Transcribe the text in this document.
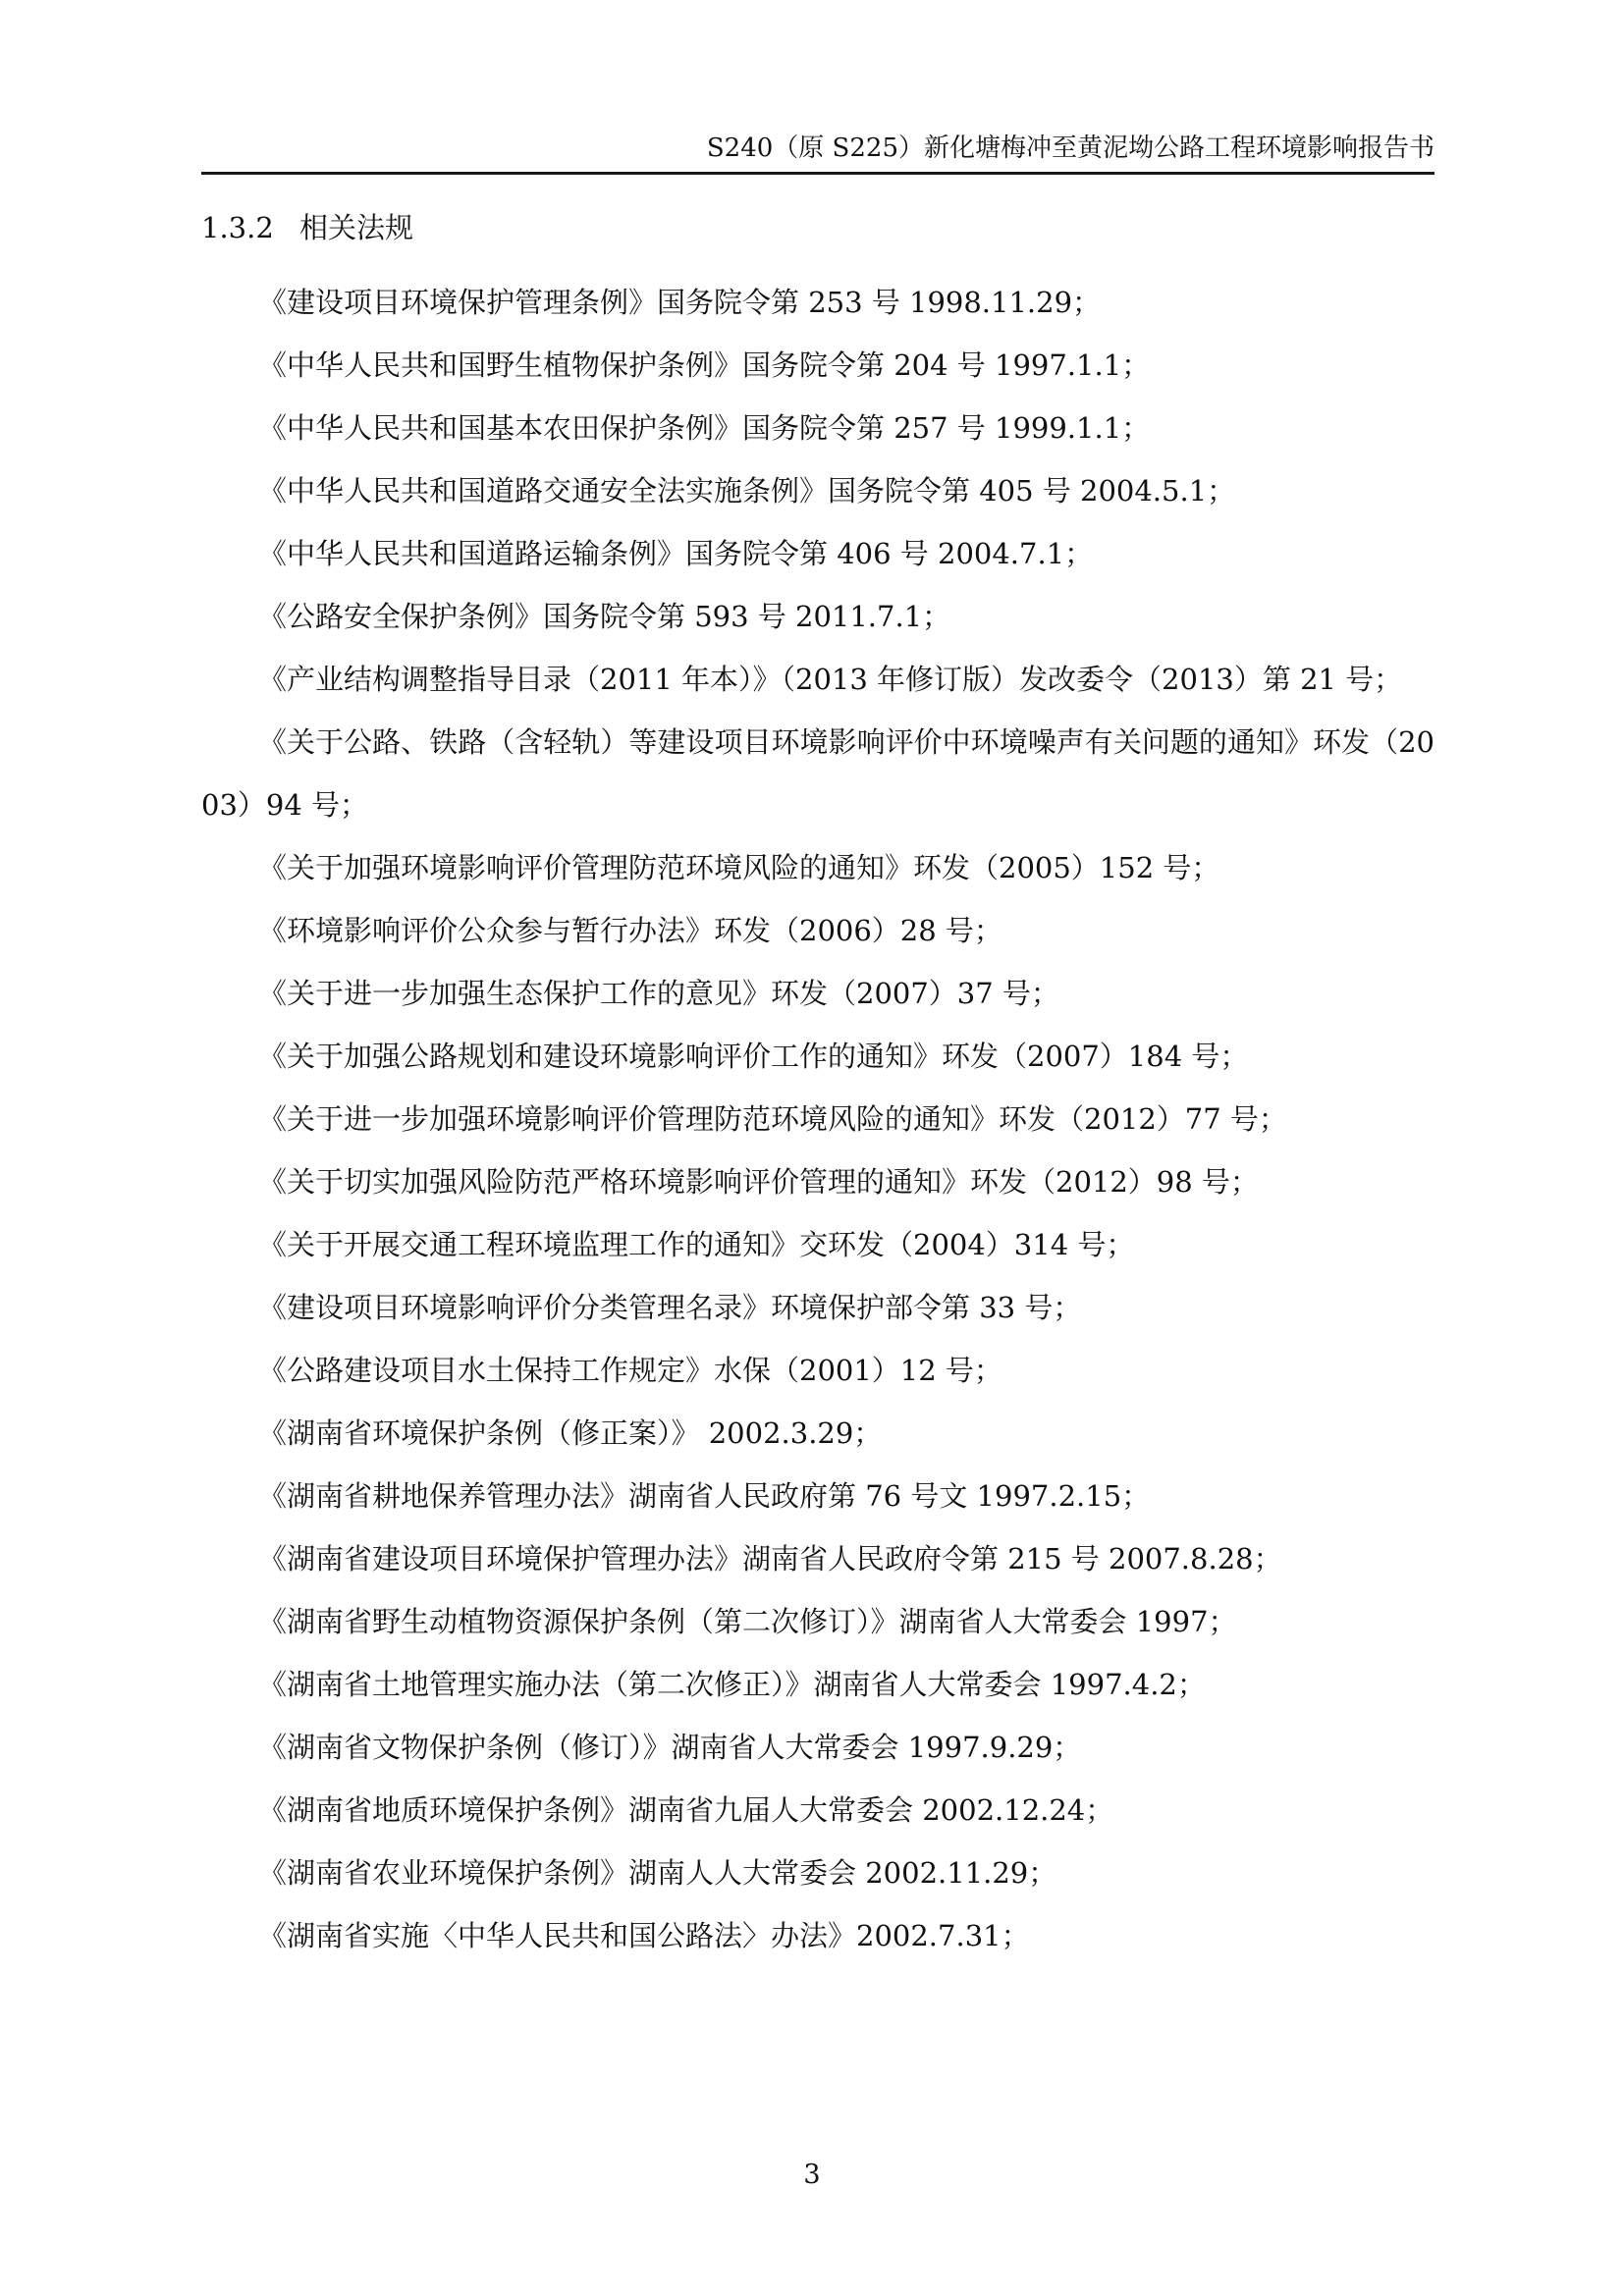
S240（原 S225）新化塘梅冲至黄泥坳公路工程环境影响报告书
1.3.2 相关法规
《建设项目环境保护管理条例》国务院令第 253 号 1998.11.29；
《中华人民共和国野生植物保护条例》国务院令第 204 号 1997.1.1；
《中华人民共和国基本农田保护条例》国务院令第 257 号 1999.1.1；
《中华人民共和国道路交通安全法实施条例》国务院令第 405 号 2004.5.1；
《中华人民共和国道路运输条例》国务院令第 406 号 2004.7.1；
《公路安全保护条例》国务院令第 593 号 2011.7.1；
《产业结构调整指导目录（2011 年本）》（2013 年修订版）发改委令（2013）第 21 号；
《关于公路、铁路（含轻轨）等建设项目环境影响评价中环境噪声有关问题的通知》环发（2003）94 号；
《关于加强环境影响评价管理防范环境风险的通知》环发（2005）152 号；
《环境影响评价公众参与暂行办法》环发（2006）28 号；
《关于进一步加强生态保护工作的意见》环发（2007）37 号；
《关于加强公路规划和建设环境影响评价工作的通知》环发（2007）184 号；
《关于进一步加强环境影响评价管理防范环境风险的通知》环发（2012）77 号；
《关于切实加强风险防范严格环境影响评价管理的通知》环发（2012）98 号；
《关于开展交通工程环境监理工作的通知》交环发（2004）314 号；
《建设项目环境影响评价分类管理名录》环境保护部令第 33 号；
《公路建设项目水土保持工作规定》水保（2001）12 号；
《湖南省环境保护条例（修正案）》 2002.3.29；
《湖南省耕地保养管理办法》湖南省人民政府第 76 号文 1997.2.15；
《湖南省建设项目环境保护管理办法》湖南省人民政府令第 215 号 2007.8.28；
《湖南省野生动植物资源保护条例（第二次修订）》湖南省人大常委会 1997；
《湖南省土地管理实施办法（第二次修正）》湖南省人大常委会 1997.4.2；
《湖南省文物保护条例（修订）》湖南省人大常委会 1997.9.29；
《湖南省地质环境保护条例》湖南省九届人大常委会 2002.12.24；
《湖南省农业环境保护条例》湖南人人大常委会 2002.11.29；
《湖南省实施〈中华人民共和国公路法〉办法》2002.7.31；
3
